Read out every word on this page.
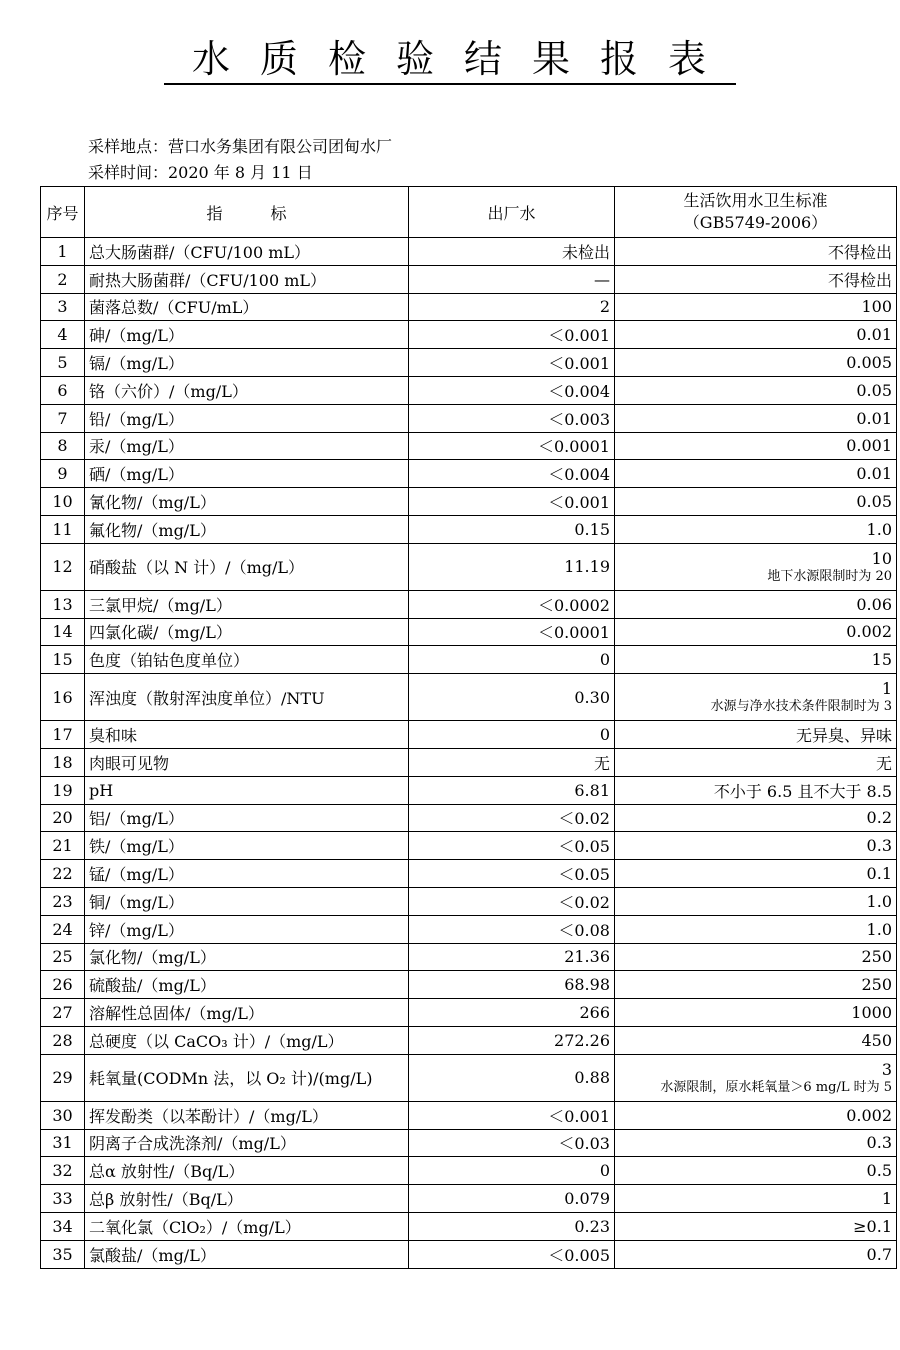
水质检验结果报表
采样地点：营口水务集团有限公司团甸水厂
采样时间：2020 年 8 月 11 日
序号	指　　　标	出厂水	生活饮用水卫生标准
（GB5749-2006）

1	总大肠菌群/（CFU/100 mL）	未检出	不得检出
2	耐热大肠菌群/（CFU/100 mL）	—	不得检出
3	菌落总数/（CFU/mL）	2	100
4	砷/（mg/L）	＜0.001	0.01
5	镉/（mg/L）	＜0.001	0.005
6	铬（六价）/（mg/L）	＜0.004	0.05
7	铅/（mg/L）	＜0.003	0.01
8	汞/（mg/L）	＜0.0001	0.001
9	硒/（mg/L）	＜0.004	0.01
10	氰化物/（mg/L）	＜0.001	0.05
11	氟化物/（mg/L）	0.15	1.0
12	硝酸盐（以 N 计）/（mg/L）	11.19	10
地下水源限制时为 20

13	三氯甲烷/（mg/L）	＜0.0002	0.06
14	四氯化碳/（mg/L）	＜0.0001	0.002
15	色度（铂钴色度单位）	0	15
16	浑浊度（散射浑浊度单位）/NTU	0.30	1
水源与净水技术条件限制时为 3

17	臭和味	0	无异臭、异味
18	肉眼可见物	无	无
19	pH	6.81	不小于 6.5 且不大于 8.5
20	铝/（mg/L）	＜0.02	0.2
21	铁/（mg/L）	＜0.05	0.3
22	锰/（mg/L）	＜0.05	0.1
23	铜/（mg/L）	＜0.02	1.0
24	锌/（mg/L）	＜0.08	1.0
25	氯化物/（mg/L）	21.36	250
26	硫酸盐/（mg/L）	68.98	250
27	溶解性总固体/（mg/L）	266	1000
28	总硬度（以 CaCO₃ 计）/（mg/L）	272.26	450
29	耗氧量(CODMn 法，以 O₂ 计)/(mg/L)	0.88	3
水源限制，原水耗氧量＞6 mg/L 时为 5

30	挥发酚类（以苯酚计）/（mg/L）	＜0.001	0.002
31	阴离子合成洗涤剂/（mg/L）	＜0.03	0.3
32	总α 放射性/（Bq/L）	0	0.5
33	总β 放射性/（Bq/L）	0.079	1
34	二氧化氯（ClO₂）/（mg/L）	0.23	≥0.1
35	氯酸盐/（mg/L）	＜0.005	0.7
